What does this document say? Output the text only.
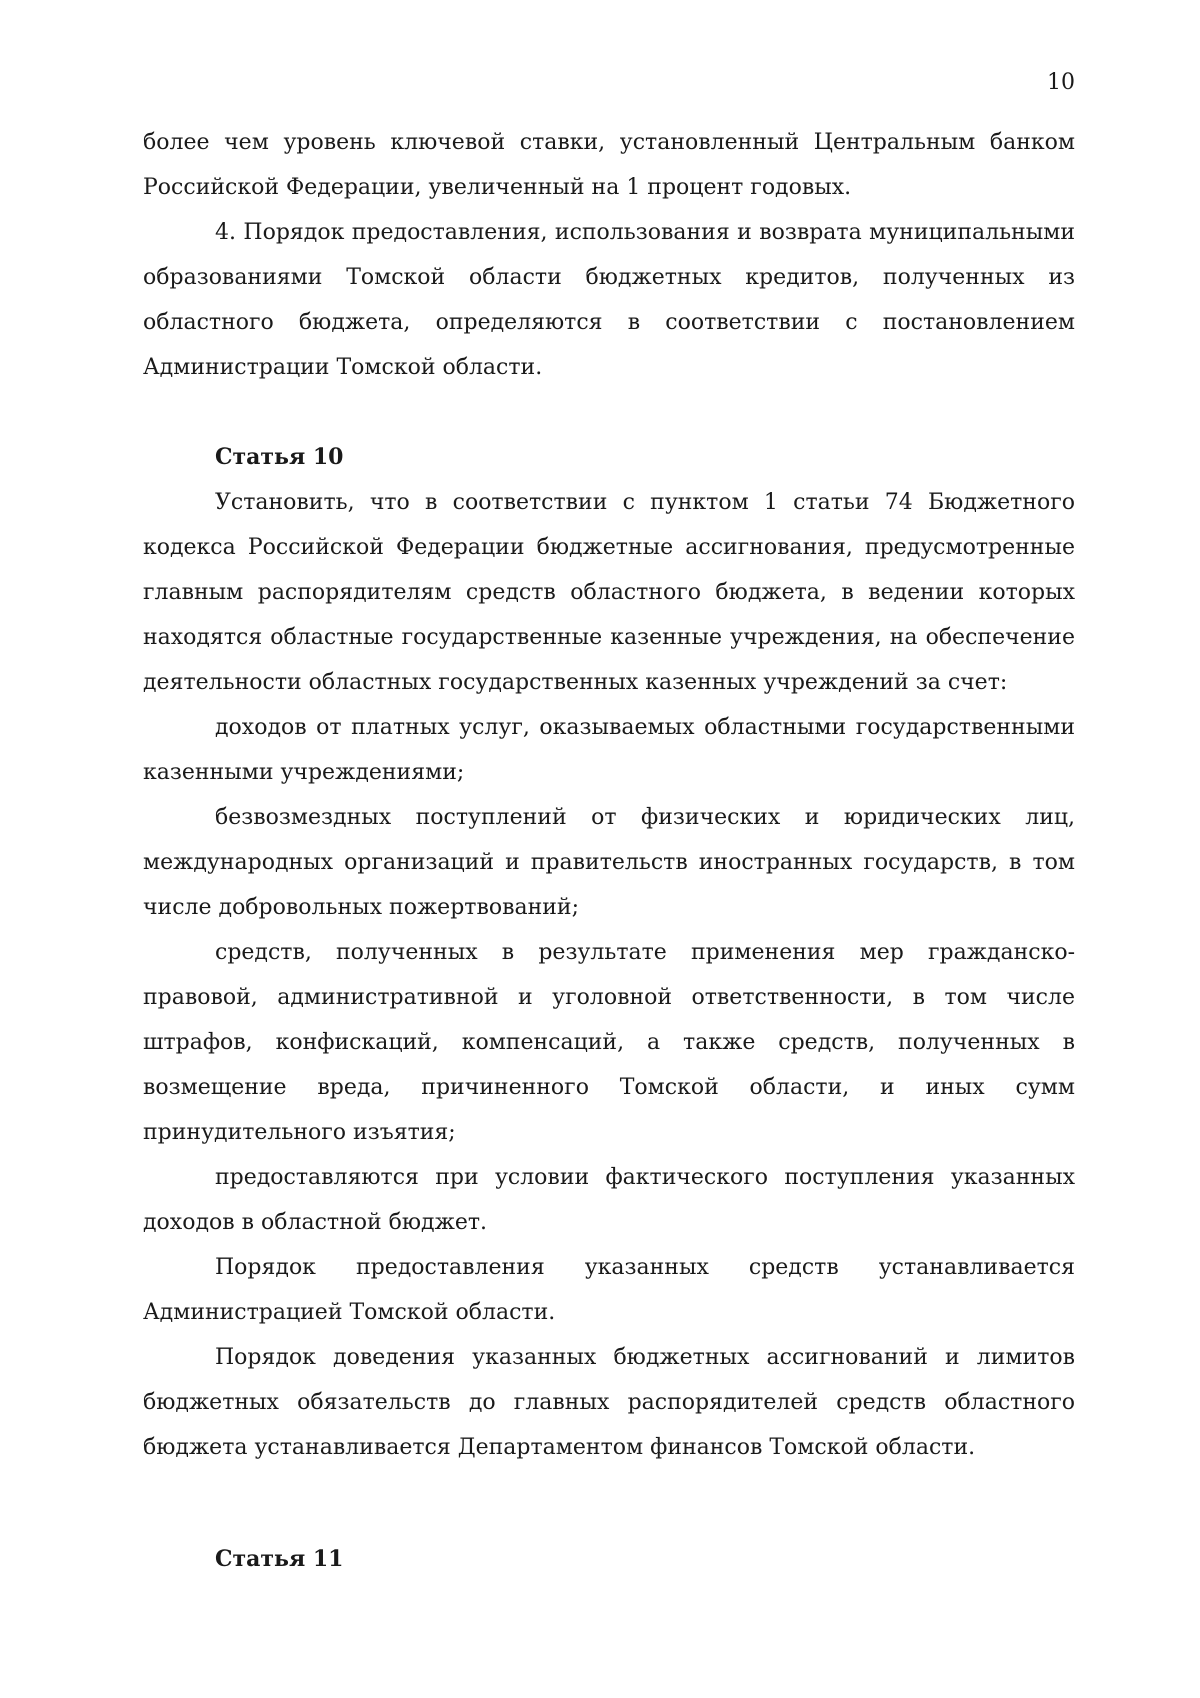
10

более чем уровень ключевой ставки, установленный Центральным банком Российской Федерации, увеличенный на 1 процент годовых.

4. Порядок предоставления, использования и возврата муниципальными образованиями Томской области бюджетных кредитов, полученных из областного бюджета, определяются в соответствии с постановлением Администрации Томской области.

Статья 10

Установить, что в соответствии с пунктом 1 статьи 74 Бюджетного кодекса Российской Федерации бюджетные ассигнования, предусмотренные главным распорядителям средств областного бюджета, в ведении которых находятся областные государственные казенные учреждения, на обеспечение деятельности областных государственных казенных учреждений за счет:

доходов от платных услуг, оказываемых областными государственными казенными учреждениями;

безвозмездных поступлений от физических и юридических лиц, международных организаций и правительств иностранных государств, в том числе добровольных пожертвований;

средств, полученных в результате применения мер гражданско-правовой, административной и уголовной ответственности, в том числе штрафов, конфискаций, компенсаций, а также средств, полученных в возмещение вреда, причиненного Томской области, и иных сумм принудительного изъятия;

предоставляются при условии фактического поступления указанных доходов в областной бюджет.

Порядок предоставления указанных средств устанавливается Администрацией Томской области.

Порядок доведения указанных бюджетных ассигнований и лимитов бюджетных обязательств до главных распорядителей средств областного бюджета устанавливается Департаментом финансов Томской области.

Статья 11
